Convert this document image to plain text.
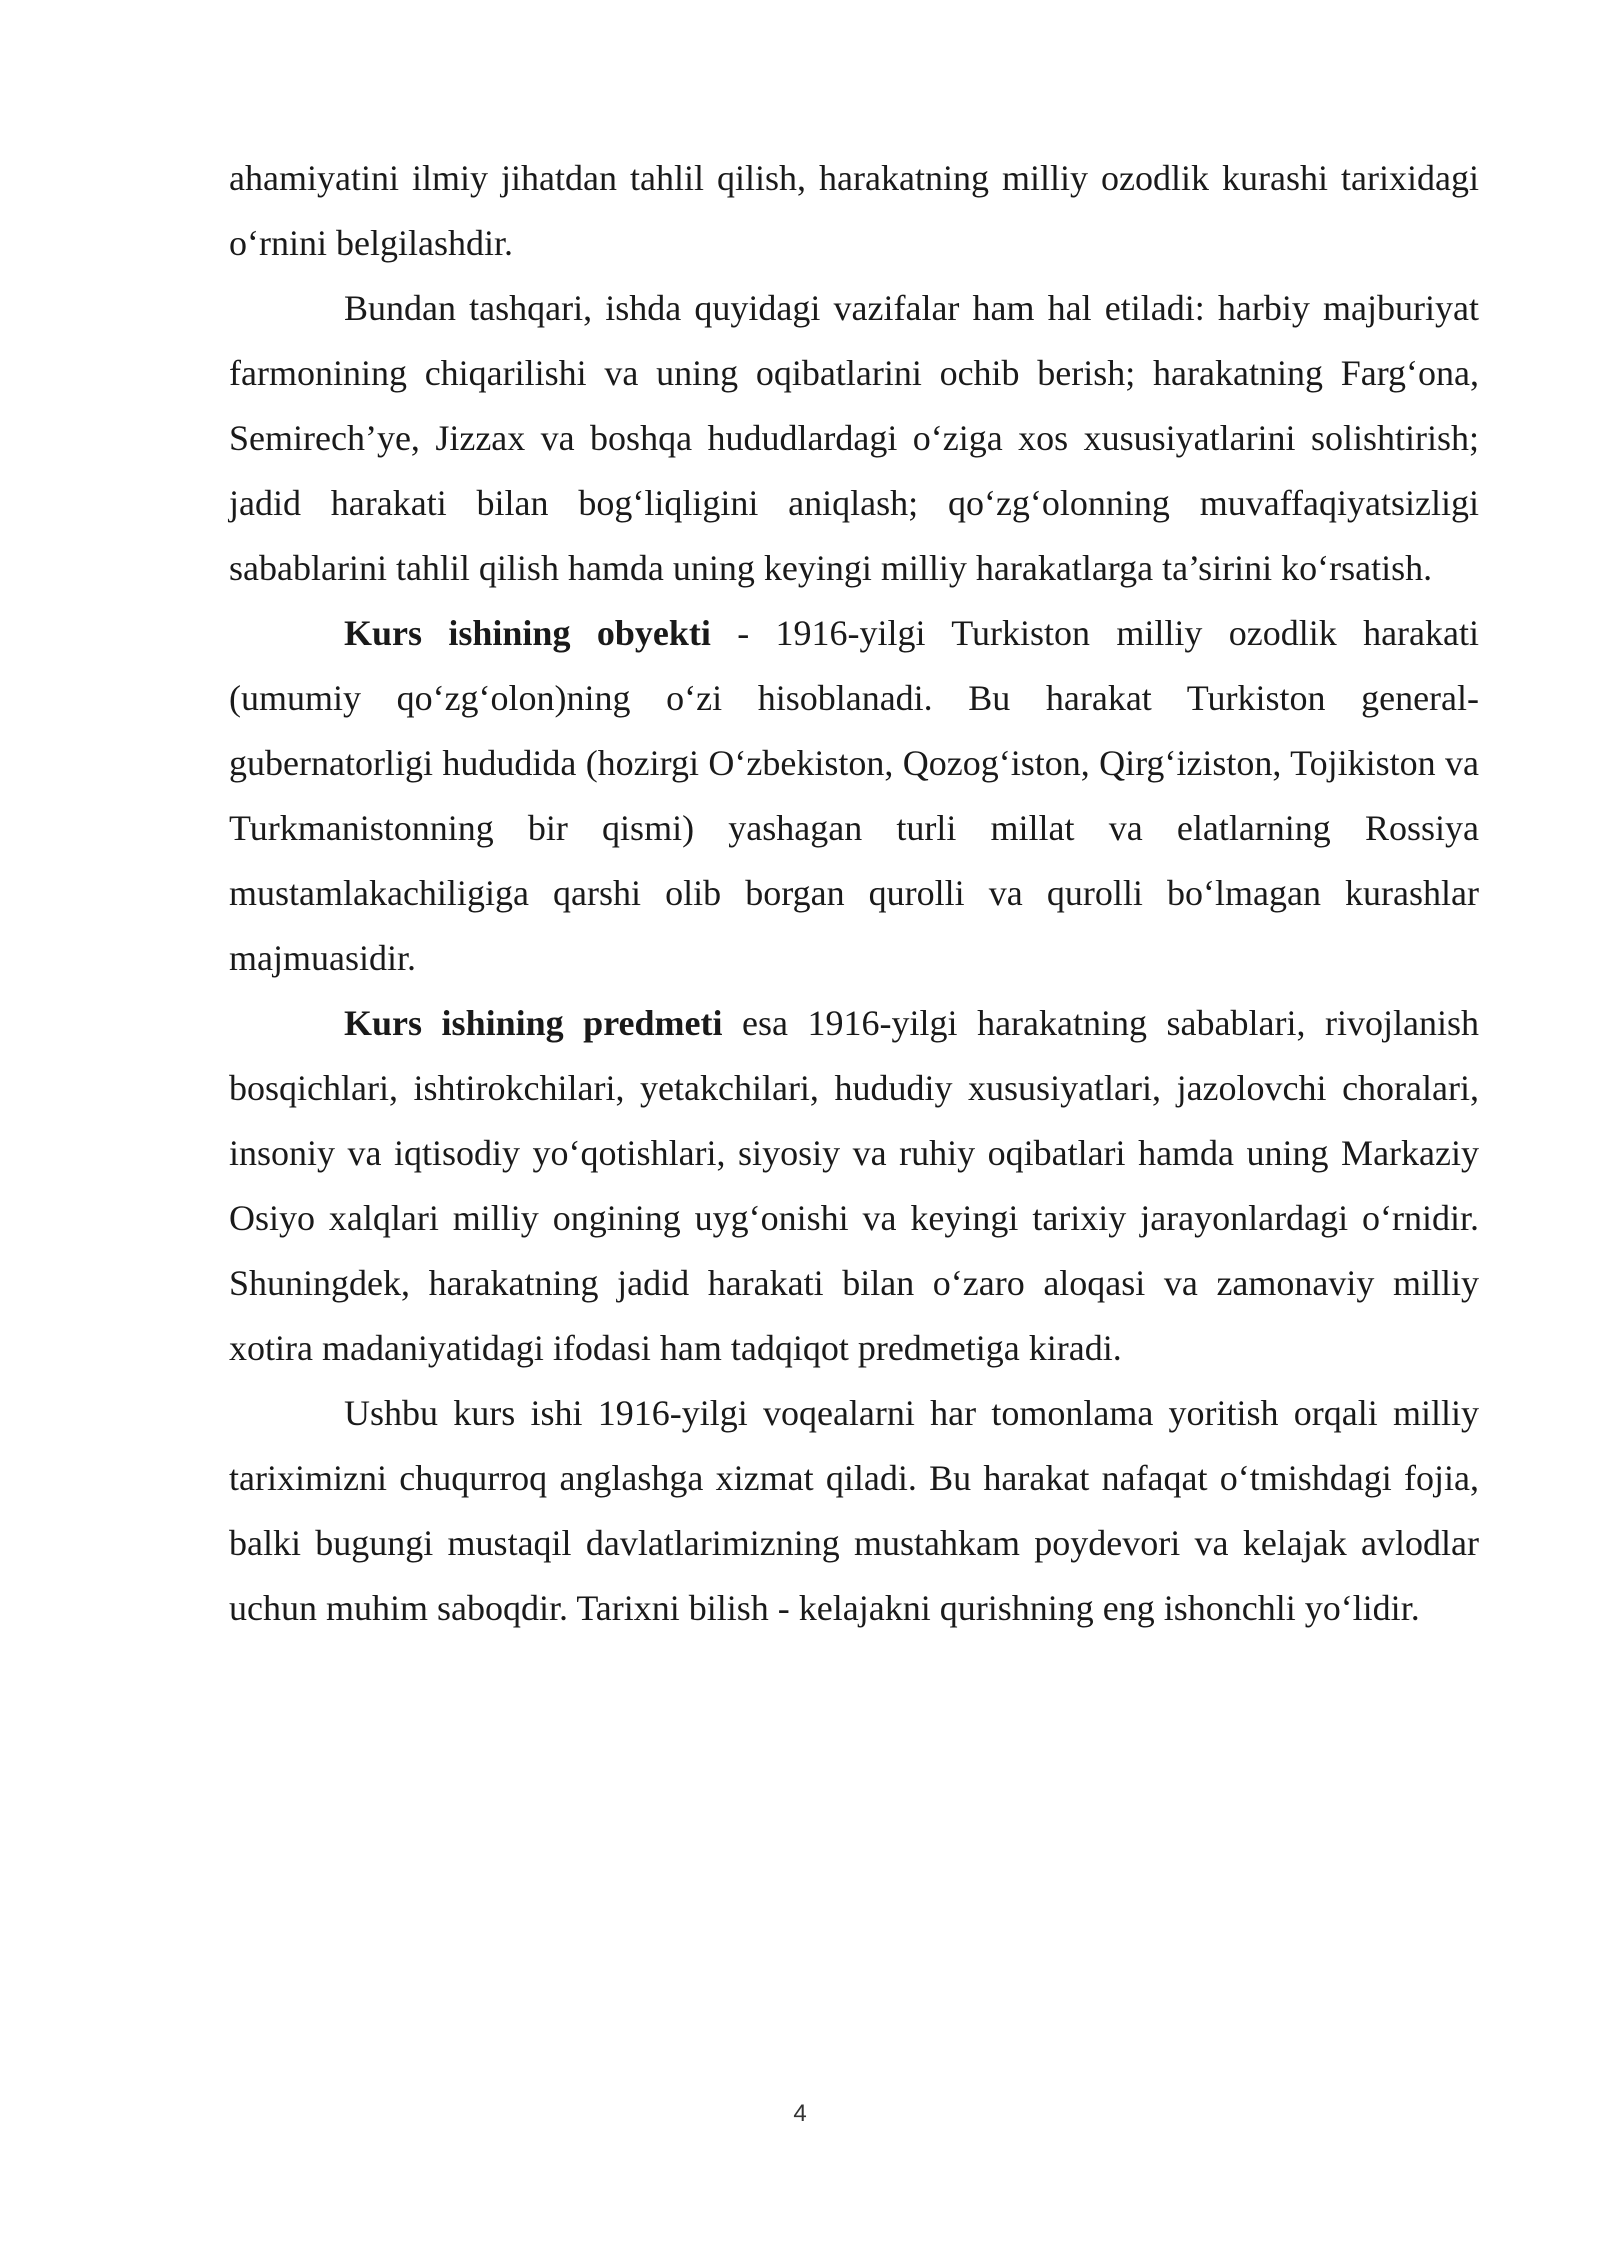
ahamiyatini ilmiy jihatdan tahlil qilish, harakatning milliy ozodlik kurashi tarixidagi o‘rnini belgilashdir.

Bundan tashqari, ishda quyidagi vazifalar ham hal etiladi: harbiy majburiyat farmonining chiqarilishi va uning oqibatlarini ochib berish; harakatning Farg‘ona, Semirech’ye, Jizzax va boshqa hududlardagi o‘ziga xos xususiyatlarini solishtirish; jadid harakati bilan bog‘liqligini aniqlash; qo‘zg‘olonning muvaffaqiyatsizligi sabablarini tahlil qilish hamda uning keyingi milliy harakatlarga ta’sirini ko‘rsatish.

Kurs ishining obyekti - 1916-yilgi Turkiston milliy ozodlik harakati (umumiy qo‘zg‘olon)ning o‘zi hisoblanadi. Bu harakat Turkiston general-gubernatorligi hududida (hozirgi O‘zbekiston, Qozog‘iston, Qirg‘iziston, Tojikiston va Turkmanistonning bir qismi) yashagan turli millat va elatlarning Rossiya mustamlakachiligiga qarshi olib borgan qurolli va qurolli bo‘lmagan kurashlar majmuasidir.

Kurs ishining predmeti esa 1916-yilgi harakatning sabablari, rivojlanish bosqichlari, ishtirokchilari, yetakchilari, hududiy xususiyatlari, jazolovchi choralari, insoniy va iqtisodiy yo‘qotishlari, siyosiy va ruhiy oqibatlari hamda uning Markaziy Osiyo xalqlari milliy ongining uyg‘onishi va keyingi tarixiy jarayonlardagi o‘rnidir. Shuningdek, harakatning jadid harakati bilan o‘zaro aloqasi va zamonaviy milliy xotira madaniyatidagi ifodasi ham tadqiqot predmetiga kiradi.

Ushbu kurs ishi 1916-yilgi voqealarni har tomonlama yoritish orqali milliy tariximizni chuqurroq anglashga xizmat qiladi. Bu harakat nafaqat o‘tmishdagi fojia, balki bugungi mustaqil davlatlarimizning mustahkam poydevori va kelajak avlodlar uchun muhim saboqdir. Tarixni bilish - kelajakni qurishning eng ishonchli yo‘lidir.

4
